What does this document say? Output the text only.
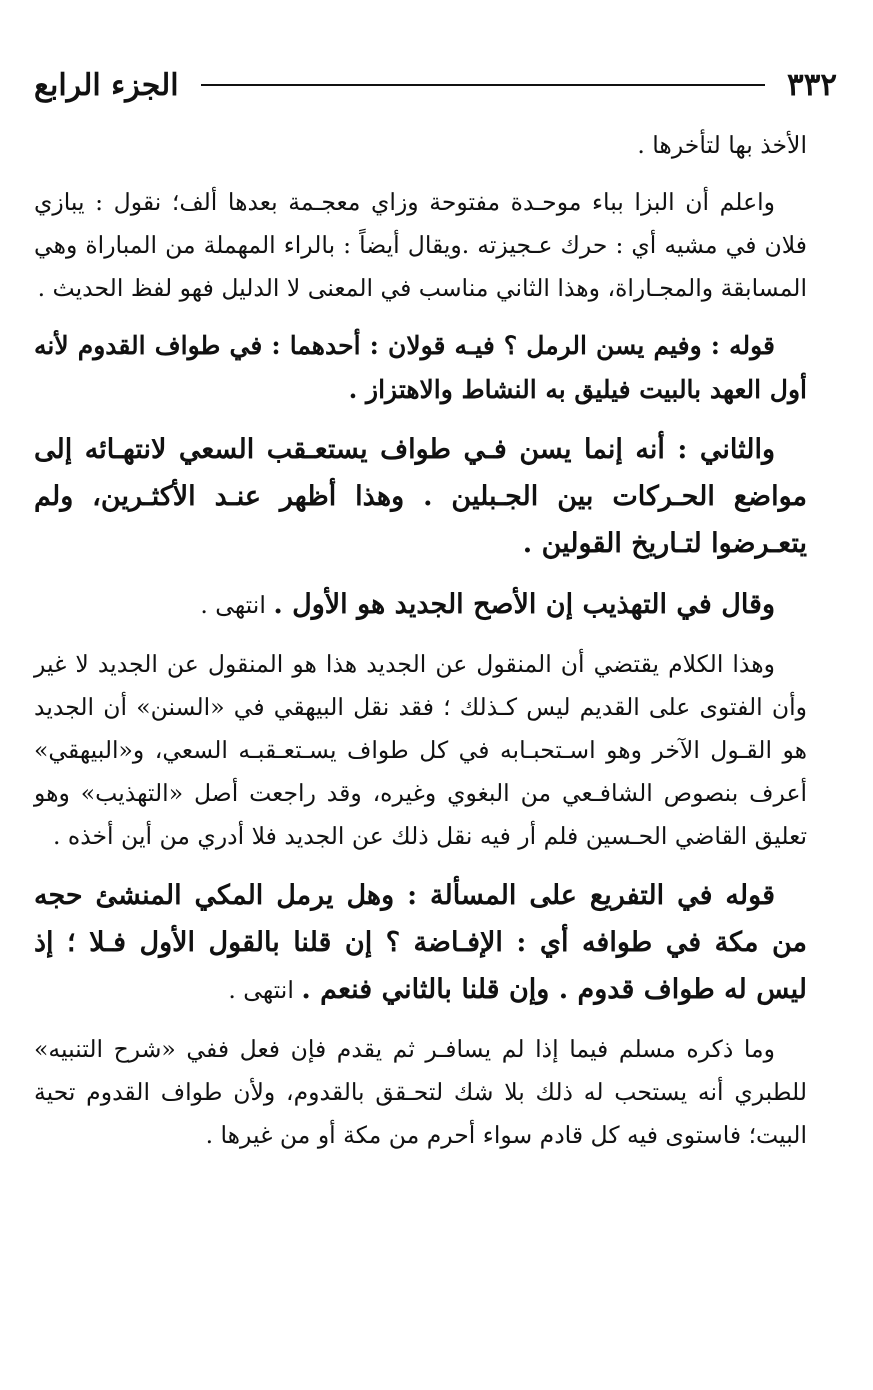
٣٣٢
الجزء الرابع

الأخذ بها لتأخرها .

واعلم أن البزا بباء موحـدة مفتوحة وزاي معجـمة بعدها ألف؛ نقول : يبازي فلان في مشيه أي : حرك عـجيزته .ويقال أيضاً : بالراء المهملة من المباراة وهي المسابقة والمجـاراة، وهذا الثاني مناسب في المعنى لا الدليل فهو لفظ الحديث .

قوله : وفيم يسن الرمل ؟ فيـه قولان : أحدهما : في طواف القدوم لأنه أول العهد بالبيت فيليق به النشاط والاهتزاز .

والثاني : أنه إنما يسن فـي طواف يستعـقب السعي لانتهـائه إلى مواضع الحـركات بين الجـبلين . وهذا أظهر عنـد الأكثـرين، ولم يتعـرضوا لتـاريخ القولين .

وقال في التهذيب إن الأصح الجديد هو الأول . انتهى .

وهذا الكلام يقتضي أن المنقول عن الجديد هذا هو المنقول عن الجديد لا غير وأن الفتوى على القديم ليس كـذلك ؛ فقد نقل البيهقي في «السنن» أن الجديد هو القـول الآخر وهو اسـتحبـابه في كل طواف يسـتعـقبـه السعي، و«البيهقي» أعرف بنصوص الشافـعي من البغوي وغيره، وقد راجعت أصل «التهذيب» وهو تعليق القاضي الحـسين فلم أر فيه نقل ذلك عن الجديد فلا أدري من أين أخذه .

قوله في التفريع على المسألة : وهل يرمل المكي المنشئ حجه من مكة في طوافه أي : الإفـاضة ؟ إن قلنا بالقول الأول فـلا ؛ إذ ليس له طواف قدوم . وإن قلنا بالثاني فنعم . انتهى .

وما ذكره مسلم فيما إذا لم يسافـر ثم يقدم فإن فعل ففي «شرح التنبيه» للطبري أنه يستحب له ذلك بلا شك لتحـقق بالقدوم، ولأن طواف القدوم تحية البيت؛ فاستوى فيه كل قادم سواء أحرم من مكة أو من غيرها .
